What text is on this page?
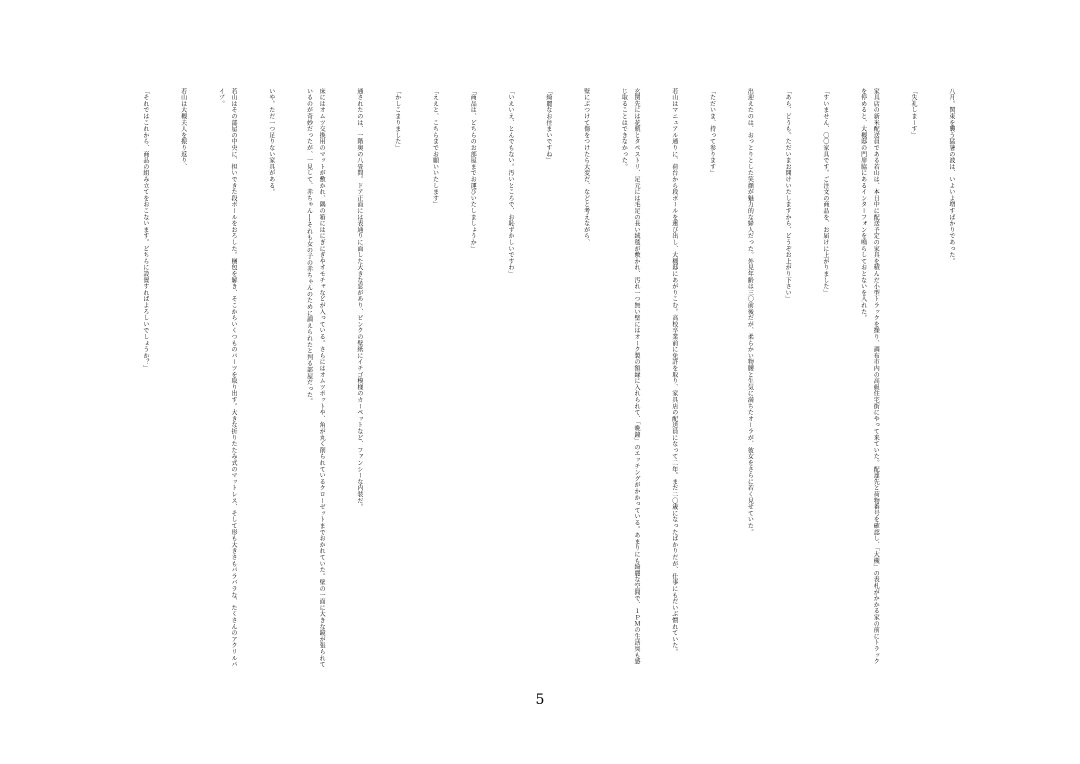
八月。関東を襲う猛暑の波は、いよいよ増すばかりであった。

「失礼しまーす」

家具店の新米配送員である若山は、本日中に配送予定の家具を積んだ小型トラックを操り、調布市内の高級住宅街にやって来ていた。配達先と荷物番号を確認し、「大槻」の表札がかかる家の前にトラックを停めると、大槻邸の門扉脇にあるインターフォンを鳴らしておとないを入れた。

「すいません、〇〇家具です。ご注文の商品を、お届けに上がりました」

「あら、どうも。ただいまお開けいたしますから、どうぞお上がり下さい」

出迎えたのは、おっとりとした笑顔が魅力的な婦人だった。外見年齢は三〇前後だが、柔らかい物腰と生気に満ちたオーラが、彼女をさらに若く見せていた。

「ただいま、持って参ります」

若山はマニュアル通りに、荷台から段ボールを運び出し、大槻邸にあがりこむ。高校卒業前に免許を取り、家具店の配送員になって二年。まだ二〇歳になったばかりだが、仕事にもだいぶ慣れていた。

玄関先には花瓶とタペストリ、足元には毛足の長い絨毯が敷かれ、汚れ一つ無い壁にはオーク製の額縁に入れられて、「晩鐘」のエッチングがかかっている。あまりにも綺麗な空間で、１ＰＭの生活臭も感じ取ることはできなかった。

壁にぶつけて傷をつけたら大変だ、などと考えながら、

「綺麗なお住まいですね」

「いえいえ、とんでもない。汚いところで、お恥ずかしいですわ」

「商品は、どちらのお部屋までお運びいたしましょうか」

「ええと、こちらまでお願いいたします」

「かしこまりました」

通されたのは、一階奥の八畳間。ドア正面には表通りに面した大きな窓があり、ピンクの壁紙にイチゴ模様のカーペットなど、ファンシーな内装だ。

床にはオムツ交換用のマットが敷かれ、隅の箱にはにぎにぎやオモチャなどが入っている。さらにはオムツポットや、角が丸く削られているクローゼットまでおかれていた。壁の一面に大きな鏡が張られているのが奇妙だったが、一見して、赤ちゃん──それも女の子の赤ちゃんのために調えられたと判る部屋だった。

いや。ただ一つ足りない家具がある。

若山はその部屋の中央に、担いできた段ボールをおろした。梱包を解き、そこからいくつものパーツを取り出す。大きな折りたたみ式のマットレス、そして形も大きさもバラバラな、たくさんのアクリルパイプ。

若山は大槻夫人を振り返り、

「それではこれから、商品の組み立てをおこないます。どちらに設置すればよろしいでしょうか？」

5
